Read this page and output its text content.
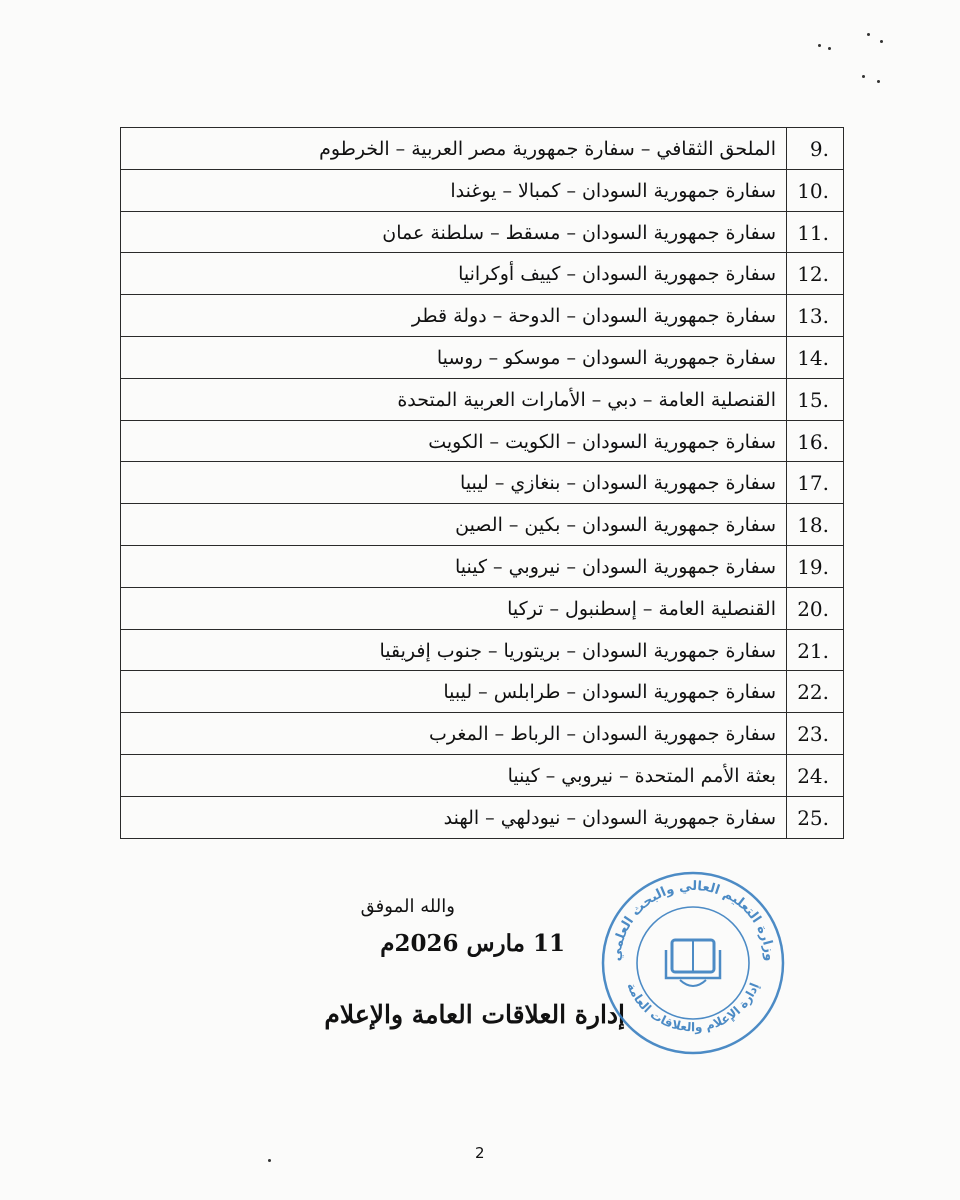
الملحق الثقافي – سفارة جمهورية مصر العربية – الخرطوم	.9
سفارة جمهورية السودان – كمبالا – يوغندا	.10
سفارة جمهورية السودان – مسقط – سلطنة عمان	.11
سفارة جمهورية السودان – كييف أوكرانيا	.12
سفارة جمهورية السودان – الدوحة – دولة قطر	.13
سفارة جمهورية السودان – موسكو – روسيا	.14
القنصلية العامة – دبي – الأمارات العربية المتحدة	.15
سفارة جمهورية السودان – الكويت – الكويت	.16
سفارة جمهورية السودان – بنغازي – ليبيا	.17
سفارة جمهورية السودان – بكين – الصين	.18
سفارة جمهورية السودان – نيروبي – كينيا	.19
القنصلية العامة – إسطنبول – تركيا	.20
سفارة جمهورية السودان – بريتوريا – جنوب إفريقيا	.21
سفارة جمهورية السودان – طرابلس – ليبيا	.22
سفارة جمهورية السودان – الرباط – المغرب	.23
بعثة الأمم المتحدة – نيروبي – كينيا	.24
سفارة جمهورية السودان – نيودلهي – الهند	.25
والله الموفق
11 مارس 2026م
إدارة العلاقات العامة والإعلام
وزارة التعليم العالي والبحث العلمي
إدارة الإعلام والعلاقات العامة
2
